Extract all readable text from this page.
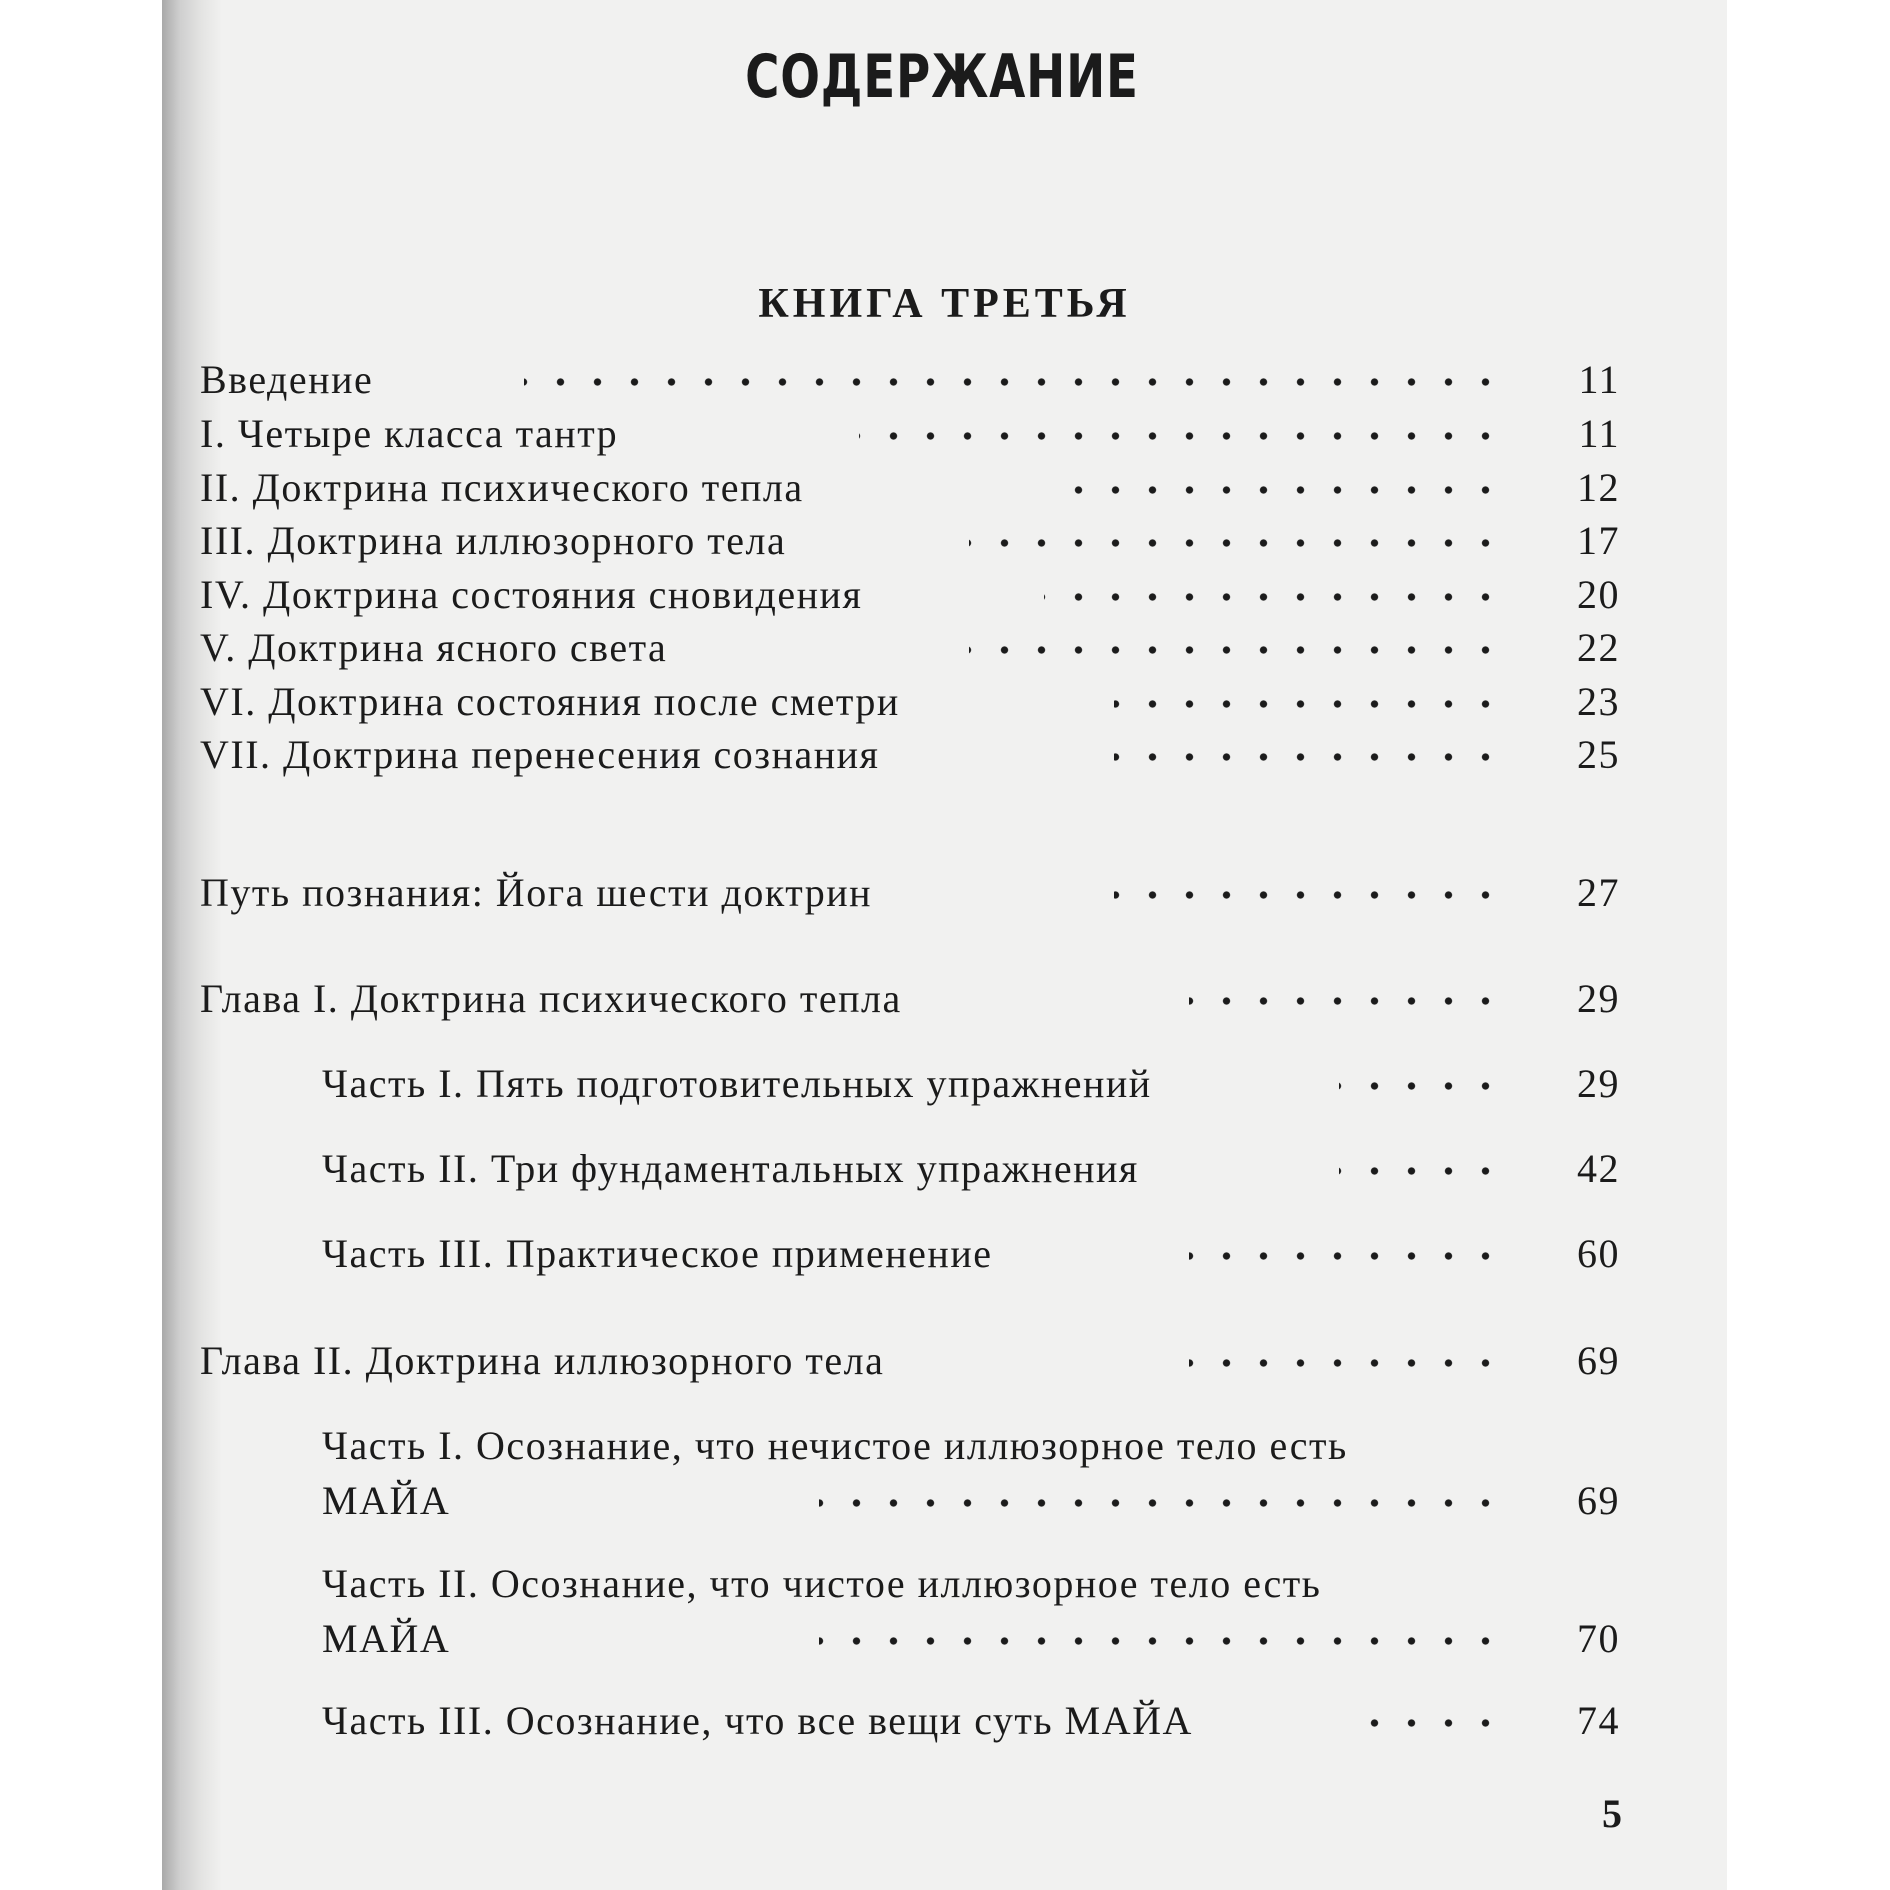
СОДЕРЖАНИЕ
КНИГА ТРЕТЬЯ
Введение	11
I. Четыре класса тантр	11
II. Доктрина психического тепла	12
III. Доктрина иллюзорного тела	17
IV. Доктрина состояния сновидения	20
V. Доктрина ясного света	22
VI. Доктрина состояния после сметри	23
VII. Доктрина перенесения сознания	25
Путь познания: Йога шести доктрин	27
Глава I. Доктрина психического тепла	29
Часть I. Пять подготовительных упражнений	29
Часть II. Три фундаментальных упражнения	42
Часть III. Практическое применение	60
Глава II. Доктрина иллюзорного тела	69
Часть I. Осознание, что нечистое иллюзорное тело есть
МАЙА	69
Часть II. Осознание, что чистое иллюзорное тело есть
МАЙА	70
Часть III. Осознание, что все вещи суть МАЙА	74
5
